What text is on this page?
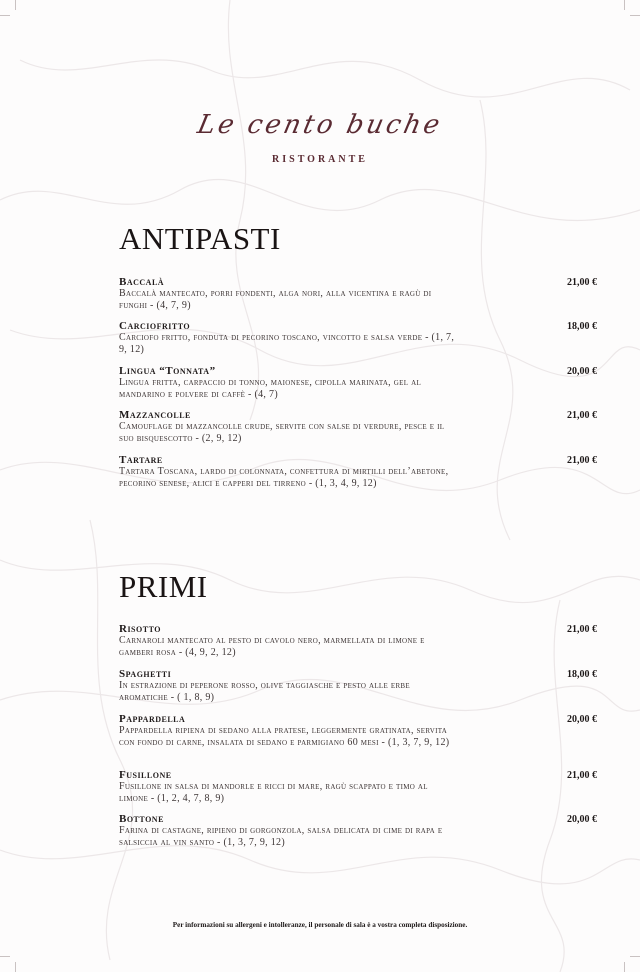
Le cento buche
RISTORANTE
ANTIPASTI
Baccalà
Baccalà mantecato, porri fondenti, alga nori, alla vicentina e ragù di funghi - (4, 7, 9)
21,00 €
Carciofritto
Carciofo fritto, fonduta di pecorino toscano, vincotto e salsa verde - (1, 7, 9, 12)
18,00 €
Lingua “Tonnata”
Lingua fritta, carpaccio di tonno, maionese, cipolla marinata, gel al mandarino e polvere di caffè - (4, 7)
20,00 €
Mazzancolle
Camouflage di mazzancolle crude, servite con salse di verdure, pesce e il suo bisquescotto - (2, 9, 12)
21,00 €
Tartare
Tartara Toscana, lardo di colonnata, confettura di mirtilli dell’abetone, pecorino senese, alici e capperi del tirreno - (1, 3, 4, 9, 12)
21,00 €
PRIMI
Risotto
Carnaroli mantecato al pesto di cavolo nero, marmellata di limone e gamberi rosa - (4, 9, 2, 12)
21,00 €
Spaghetti
In estrazione di peperone rosso, olive taggiasche e pesto alle erbe aromatiche - ( 1, 8, 9)
18,00 €
Pappardella
Pappardella ripiena di sedano alla pratese, leggermente gratinata, servita con fondo di carne, insalata di sedano e parmigiano 60 mesi - (1, 3, 7, 9, 12)
20,00 €
Fusillone
Fusillone in salsa di mandorle e ricci di mare, ragù scappato e timo al limone - (1, 2, 4, 7, 8, 9)
21,00 €
Bottone
Farina di castagne, ripieno di gorgonzola, salsa delicata di cime di rapa e salsiccia al vin santo - (1, 3, 7, 9, 12)
20,00 €
Per informazioni su allergeni e intolleranze, il personale di sala è a vostra completa disposizione.
